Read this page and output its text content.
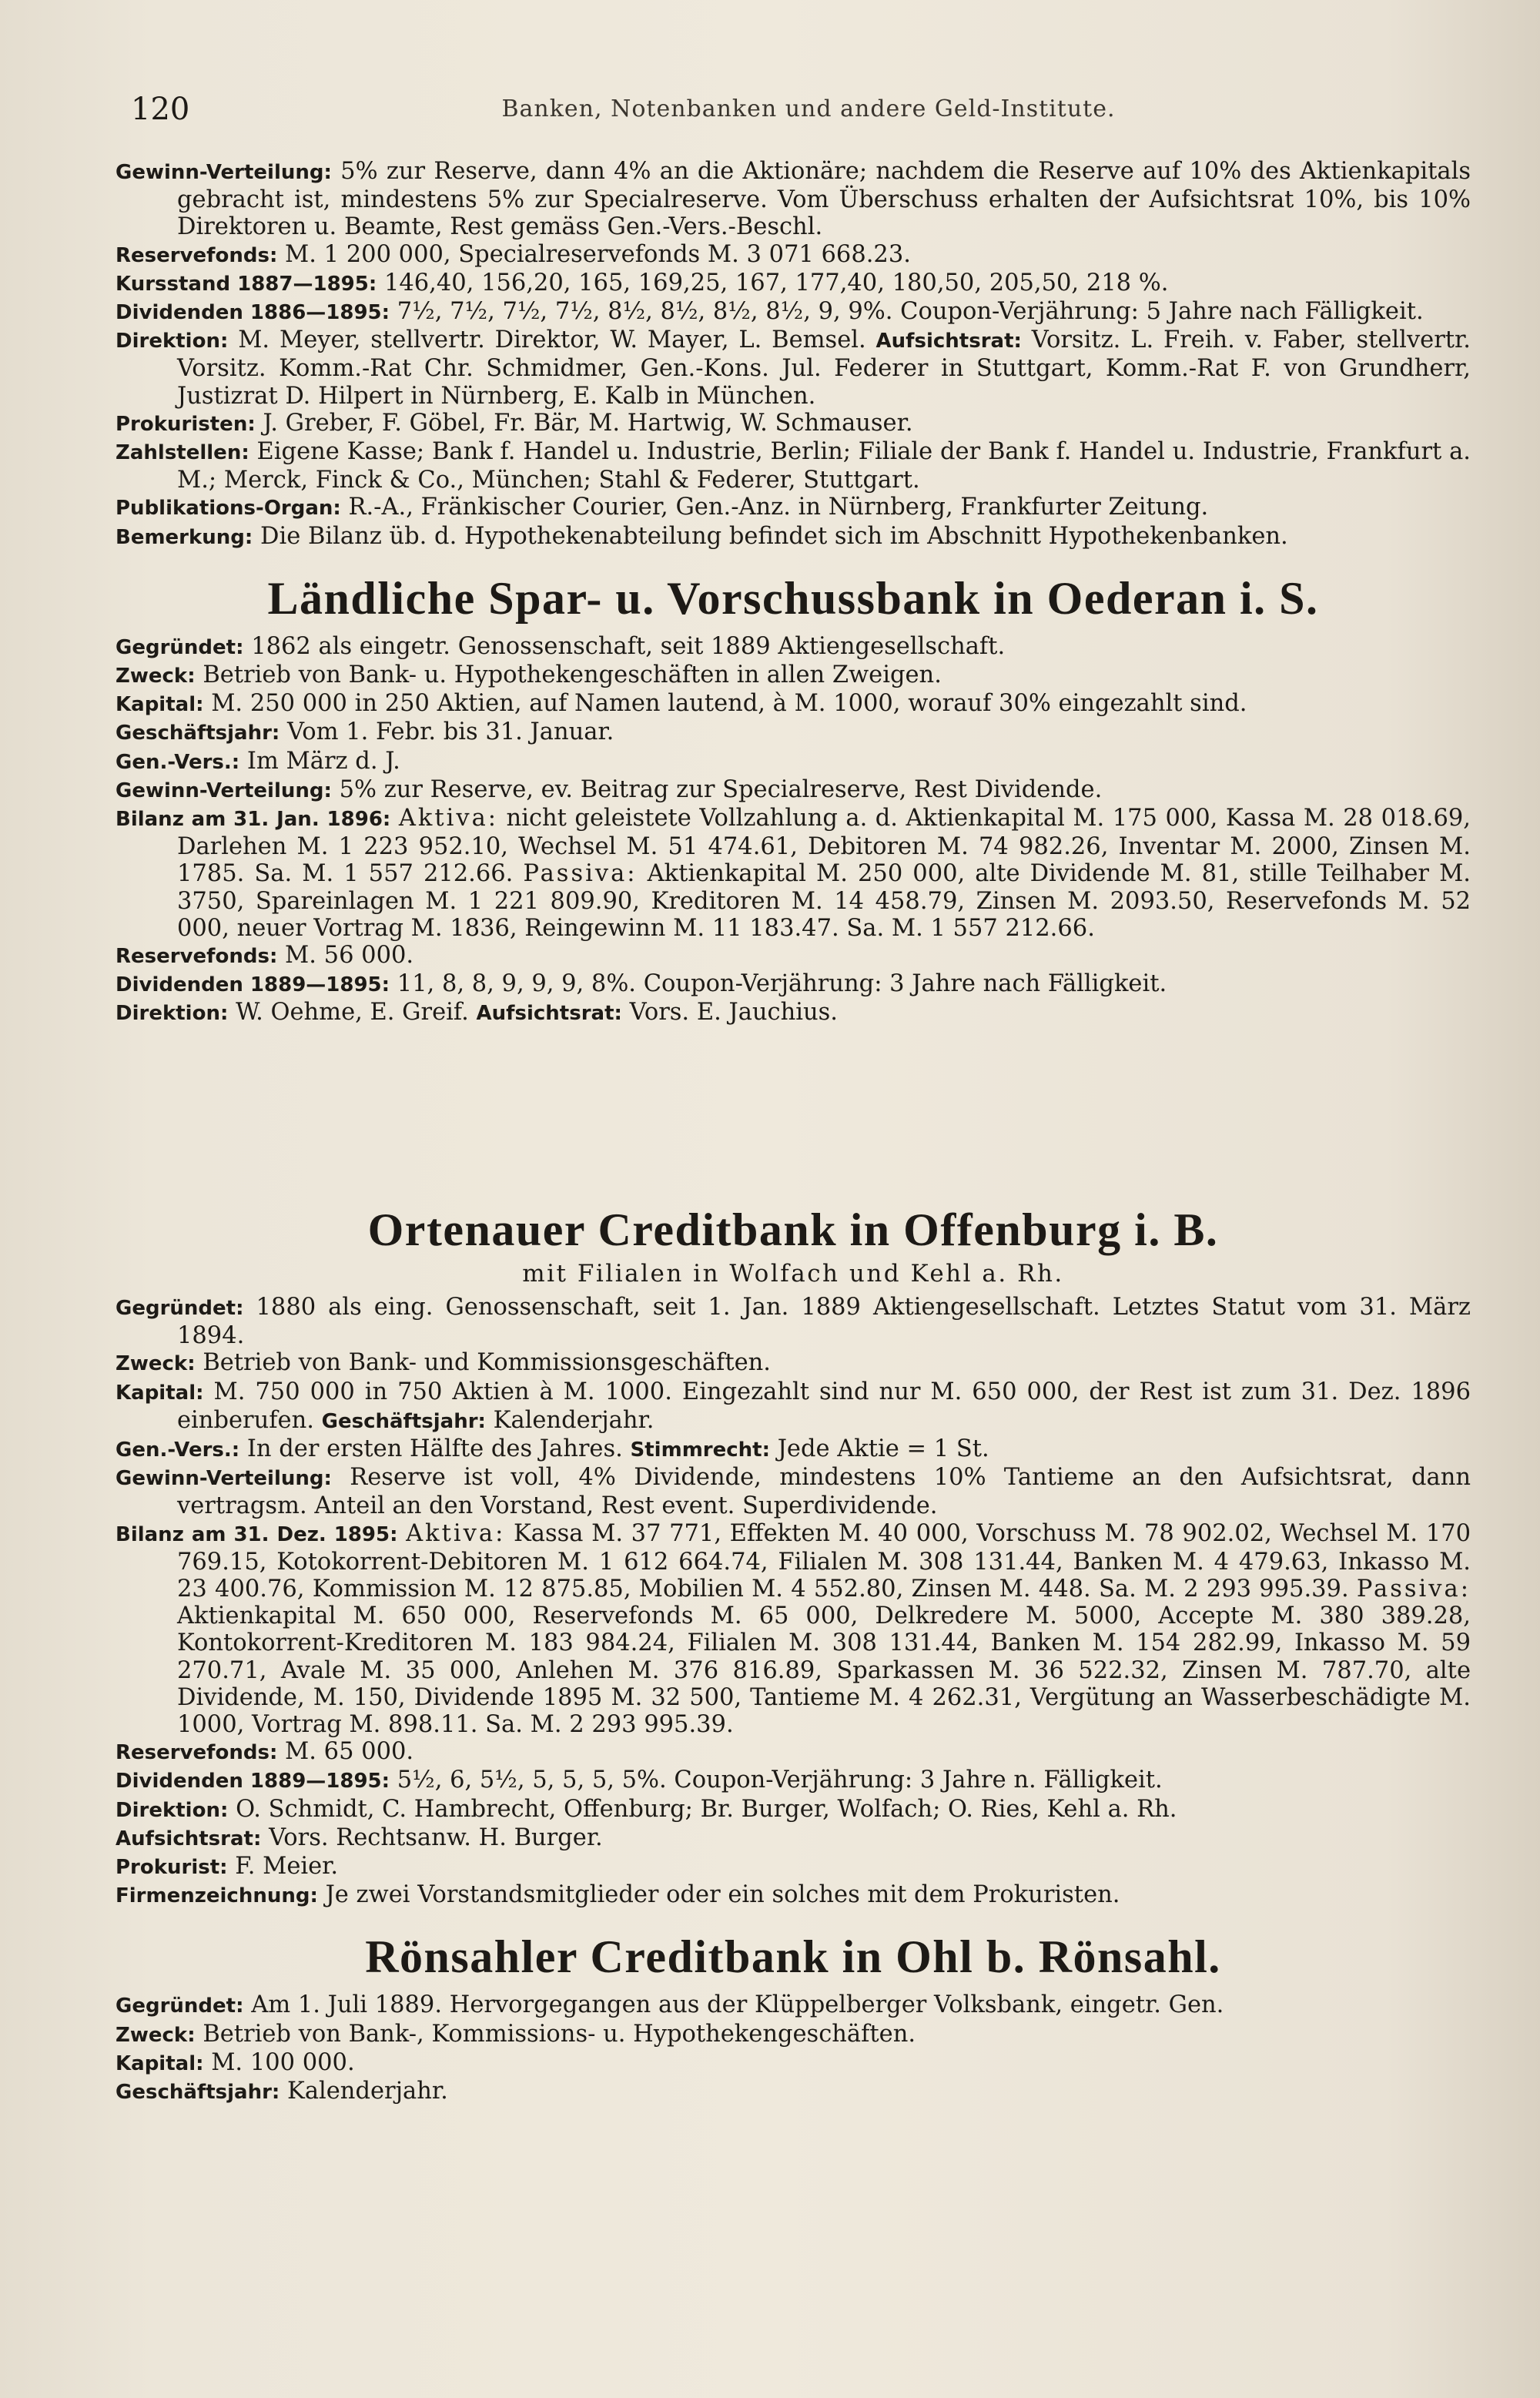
120	Banken, Notenbanken und andere Geld-Institute.

Gewinn-Verteilung: 5% zur Reserve, dann 4% an die Aktionäre; nachdem die Reserve auf 10% des Aktienkapitals gebracht ist, mindestens 5% zur Specialreserve. Vom Überschuss erhalten der Aufsichtsrat 10%, bis 10% Direktoren u. Beamte, Rest gemäss Gen.-Vers.-Beschl.

Reservefonds: M. 1 200 000, Specialreservefonds M. 3 071 668.23.

Kursstand 1887—1895: 146,40, 156,20, 165, 169,25, 167, 177,40, 180,50, 205,50, 218 %.

Dividenden 1886—1895: 7½, 7½, 7½, 7½, 8½, 8½, 8½, 8½, 9, 9%. Coupon-Verjährung: 5 Jahre nach Fälligkeit.

Direktion: M. Meyer, stellvertr. Direktor, W. Mayer, L. Bemsel. Aufsichtsrat: Vorsitz. L. Freih. v. Faber, stellvertr. Vorsitz. Komm.-Rat Chr. Schmidmer, Gen.-Kons. Jul. Federer in Stuttgart, Komm.-Rat F. von Grundherr, Justizrat D. Hilpert in Nürnberg, E. Kalb in München.

Prokuristen: J. Greber, F. Göbel, Fr. Bär, M. Hartwig, W. Schmauser.

Zahlstellen: Eigene Kasse; Bank f. Handel u. Industrie, Berlin; Filiale der Bank f. Handel u. Industrie, Frankfurt a. M.; Merck, Finck & Co., München; Stahl & Federer, Stuttgart.

Publikations-Organ: R.-A., Fränkischer Courier, Gen.-Anz. in Nürnberg, Frankfurter Zeitung.

Bemerkung: Die Bilanz üb. d. Hypothekenabteilung befindet sich im Abschnitt Hypothekenbanken.

Ländliche Spar- u. Vorschussbank in Oederan i. S.

Gegründet: 1862 als eingetr. Genossenschaft, seit 1889 Aktiengesellschaft.

Zweck: Betrieb von Bank- u. Hypothekengeschäften in allen Zweigen.

Kapital: M. 250 000 in 250 Aktien, auf Namen lautend, à M. 1000, worauf 30% eingezahlt sind.

Geschäftsjahr: Vom 1. Febr. bis 31. Januar.

Gen.-Vers.: Im März d. J.

Gewinn-Verteilung: 5% zur Reserve, ev. Beitrag zur Specialreserve, Rest Dividende.

Bilanz am 31. Jan. 1896: Aktiva: nicht geleistete Vollzahlung a. d. Aktienkapital M. 175 000, Kassa M. 28 018.69, Darlehen M. 1 223 952.10, Wechsel M. 51 474.61, Debitoren M. 74 982.26, Inventar M. 2000, Zinsen M. 1785. Sa. M. 1 557 212.66. Passiva: Aktienkapital M. 250 000, alte Dividende M. 81, stille Teilhaber M. 3750, Spareinlagen M. 1 221 809.90, Kreditoren M. 14 458.79, Zinsen M. 2093.50, Reservefonds M. 52 000, neuer Vortrag M. 1836, Reingewinn M. 11 183.47. Sa. M. 1 557 212.66.

Reservefonds: M. 56 000.

Dividenden 1889—1895: 11, 8, 8, 9, 9, 9, 8%. Coupon-Verjährung: 3 Jahre nach Fälligkeit.

Direktion: W. Oehme, E. Greif. Aufsichtsrat: Vors. E. Jauchius.

Ortenauer Creditbank in Offenburg i. B.
mit Filialen in Wolfach und Kehl a. Rh.

Gegründet: 1880 als eing. Genossenschaft, seit 1. Jan. 1889 Aktiengesellschaft. Letztes Statut vom 31. März 1894.

Zweck: Betrieb von Bank- und Kommissionsgeschäften.

Kapital: M. 750 000 in 750 Aktien à M. 1000. Eingezahlt sind nur M. 650 000, der Rest ist zum 31. Dez. 1896 einberufen. Geschäftsjahr: Kalenderjahr.

Gen.-Vers.: In der ersten Hälfte des Jahres. Stimmrecht: Jede Aktie = 1 St.

Gewinn-Verteilung: Reserve ist voll, 4% Dividende, mindestens 10% Tantieme an den Aufsichtsrat, dann vertragsm. Anteil an den Vorstand, Rest event. Superdividende.

Bilanz am 31. Dez. 1895: Aktiva: Kassa M. 37 771, Effekten M. 40 000, Vorschuss M. 78 902.02, Wechsel M. 170 769.15, Kotokorrent-Debitoren M. 1 612 664.74, Filialen M. 308 131.44, Banken M. 4 479.63, Inkasso M. 23 400.76, Kommission M. 12 875.85, Mobilien M. 4 552.80, Zinsen M. 448. Sa. M. 2 293 995.39. Passiva: Aktienkapital M. 650 000, Reservefonds M. 65 000, Delkredere M. 5000, Accepte M. 380 389.28, Kontokorrent-Kreditoren M. 183 984.24, Filialen M. 308 131.44, Banken M. 154 282.99, Inkasso M. 59 270.71, Avale M. 35 000, Anlehen M. 376 816.89, Sparkassen M. 36 522.32, Zinsen M. 787.70, alte Dividende, M. 150, Dividende 1895 M. 32 500, Tantieme M. 4 262.31, Vergütung an Wasserbeschädigte M. 1000, Vortrag M. 898.11. Sa. M. 2 293 995.39.

Reservefonds: M. 65 000.

Dividenden 1889—1895: 5½, 6, 5½, 5, 5, 5, 5%. Coupon-Verjährung: 3 Jahre n. Fälligkeit.

Direktion: O. Schmidt, C. Hambrecht, Offenburg; Br. Burger, Wolfach; O. Ries, Kehl a. Rh.

Aufsichtsrat: Vors. Rechtsanw. H. Burger.

Prokurist: F. Meier.

Firmenzeichnung: Je zwei Vorstandsmitglieder oder ein solches mit dem Prokuristen.

Rönsahler Creditbank in Ohl b. Rönsahl.

Gegründet: Am 1. Juli 1889. Hervorgegangen aus der Klüppelberger Volksbank, eingetr. Gen.

Zweck: Betrieb von Bank-, Kommissions- u. Hypothekengeschäften.

Kapital: M. 100 000.

Geschäftsjahr: Kalenderjahr.
